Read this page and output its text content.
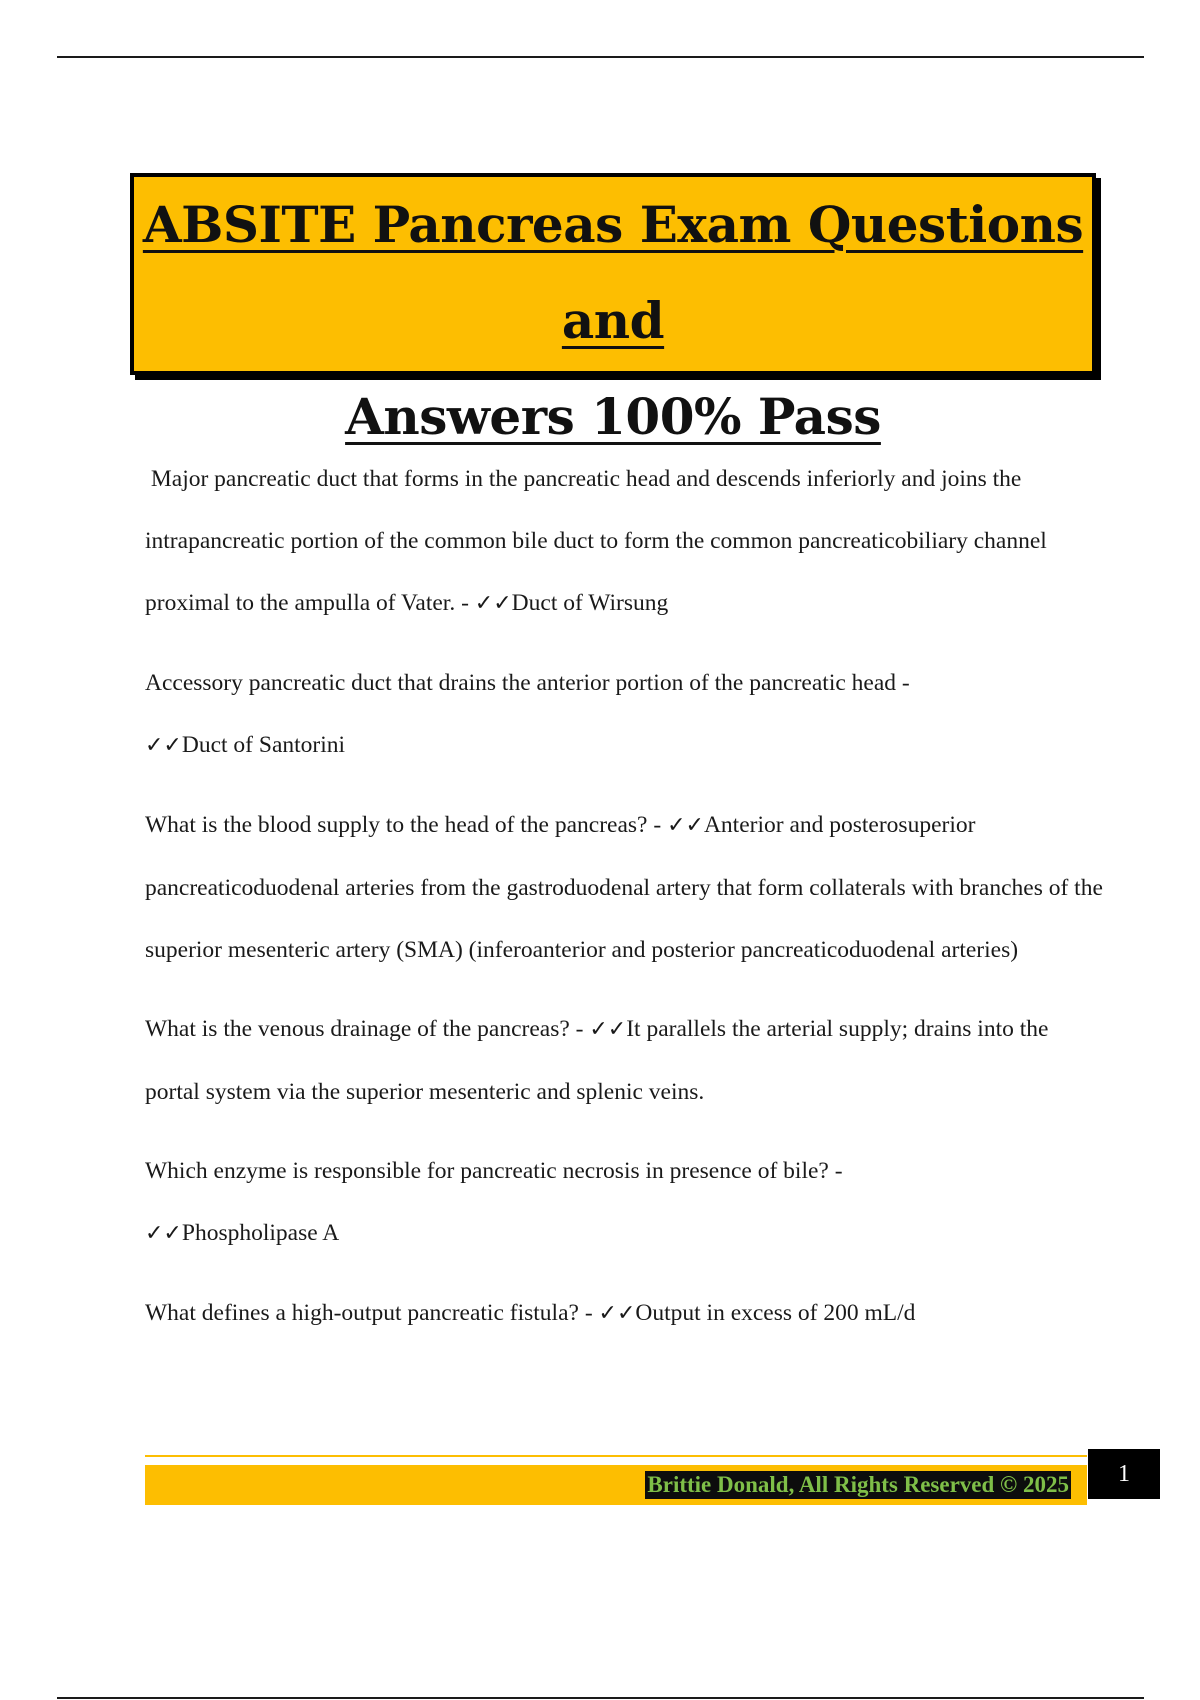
ABSITE Pancreas Exam Questions and
Answers 100% Pass

Major pancreatic duct that forms in the pancreatic head and descends inferiorly and joins the intrapancreatic portion of the common bile duct to form the common pancreaticobiliary channel proximal to the ampulla of Vater. - ✓✓Duct of Wirsung

Accessory pancreatic duct that drains the anterior portion of the pancreatic head -
✓✓Duct of Santorini

What is the blood supply to the head of the pancreas? - ✓✓Anterior and posterosuperior pancreaticoduodenal arteries from the gastroduodenal artery that form collaterals with branches of the superior mesenteric artery (SMA) (inferoanterior and posterior pancreaticoduodenal arteries)

What is the venous drainage of the pancreas? - ✓✓It parallels the arterial supply; drains into the portal system via the superior mesenteric and splenic veins.

Which enzyme is responsible for pancreatic necrosis in presence of bile? -
✓✓Phospholipase A

What defines a high-output pancreatic fistula? - ✓✓Output in excess of 200 mL/d

Brittie Donald, All Rights Reserved © 2025	1
